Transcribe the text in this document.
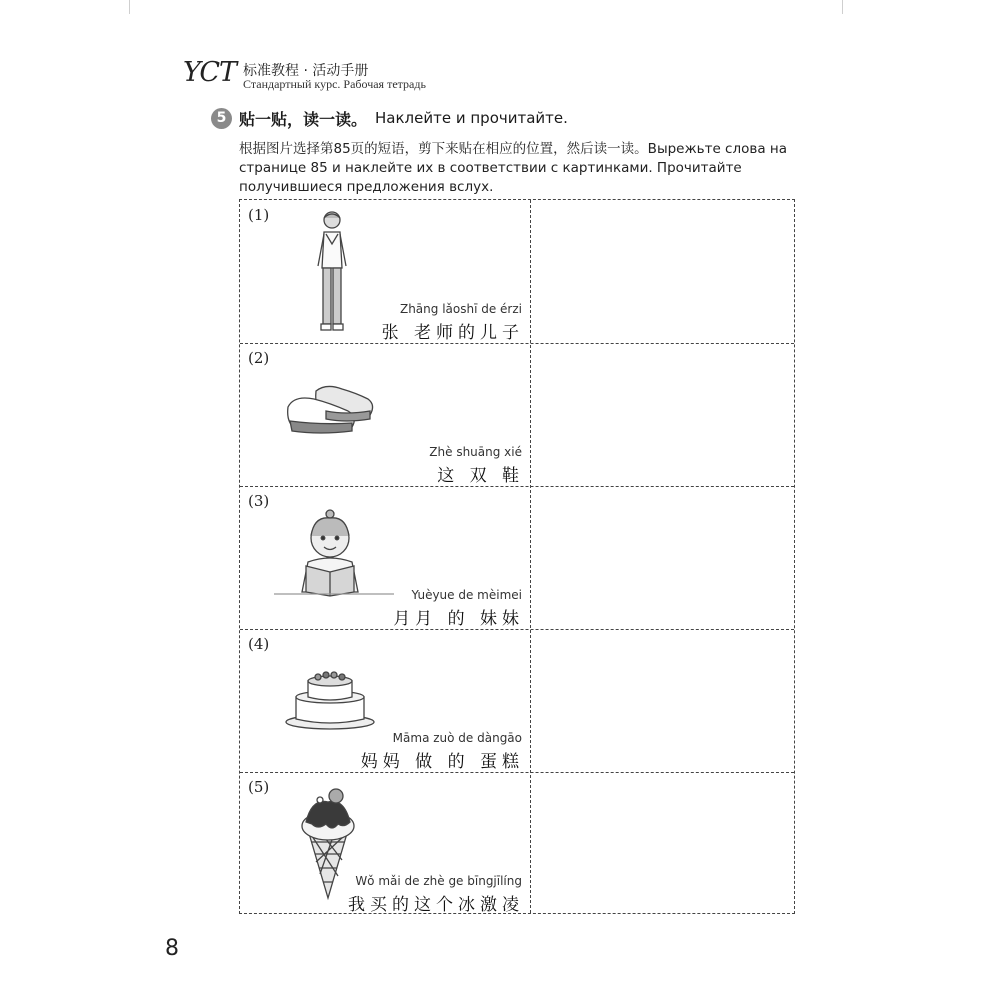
YCT 标准教程 · 活动手册
Стандартный курс. Рабочая тетрадь
5 贴一贴，读一读。 Наклейте и прочитайте.
根据图片选择第85页的短语，剪下来贴在相应的位置，然后读一读。Вырежьте слова на странице 85 и наклейте их в соответствии с картинками. Прочитайте получившиеся предложения вслух.
(1)
Zhāng lǎoshī de érzi
张 老师的儿子
(2)
Zhè shuāng xié
这 双 鞋
(3)
Yuèyue de mèimei
月月 的 妹妹
(4)
Māma zuò de dàngāo
妈妈 做 的 蛋糕
(5)
Wǒ mǎi de zhè ge bīngjīlíng
我买的这个冰激凌
8
